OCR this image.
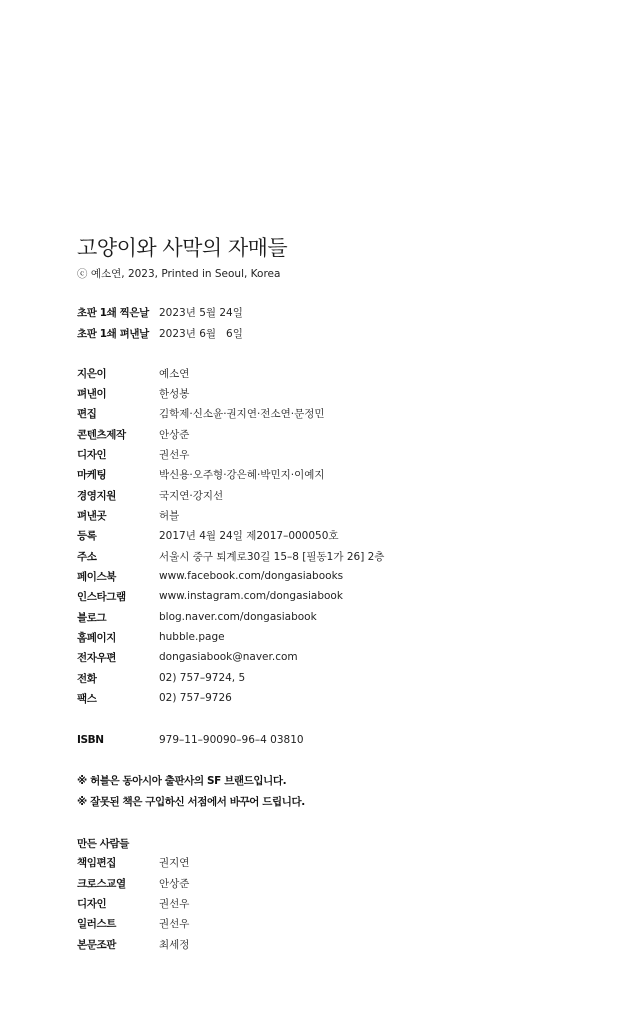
고양이와 사막의 자매들
ⓒ 예소연, 2023, Printed in Seoul, Korea
초판 1쇄 찍은날 2023년 5월 24일
초판 1쇄 펴낸날 2023년 6월   6일
지은이	예소연
펴낸이	한성봉
편집	김학제·신소윤·권지연·전소연·문정민
콘텐츠제작	안상준
디자인	권선우
마케팅	박신용·오주형·강은혜·박민지·이예지
경영지원	국지연·강지선
펴낸곳	허블
등록	2017년 4월 24일 제2017–000050호
주소	서울시 중구 퇴계로30길 15–8 [필동1가 26] 2층
페이스북	www.facebook.com/dongasiabooks
인스타그램	www.instagram.com/dongasiabook
블로그	blog.naver.com/dongasiabook
홈페이지	hubble.page
전자우편	dongasiabook@naver.com
전화	02) 757–9724, 5
팩스	02) 757–9726
ISBN	979–11–90090–96–4 03810
※ 허블은 동아시아 출판사의 SF 브랜드입니다.
※ 잘못된 책은 구입하신 서점에서 바꾸어 드립니다.
만든 사람들
책임편집	권지연
크로스교열	안상준
디자인	권선우
일러스트	권선우
본문조판	최세정
